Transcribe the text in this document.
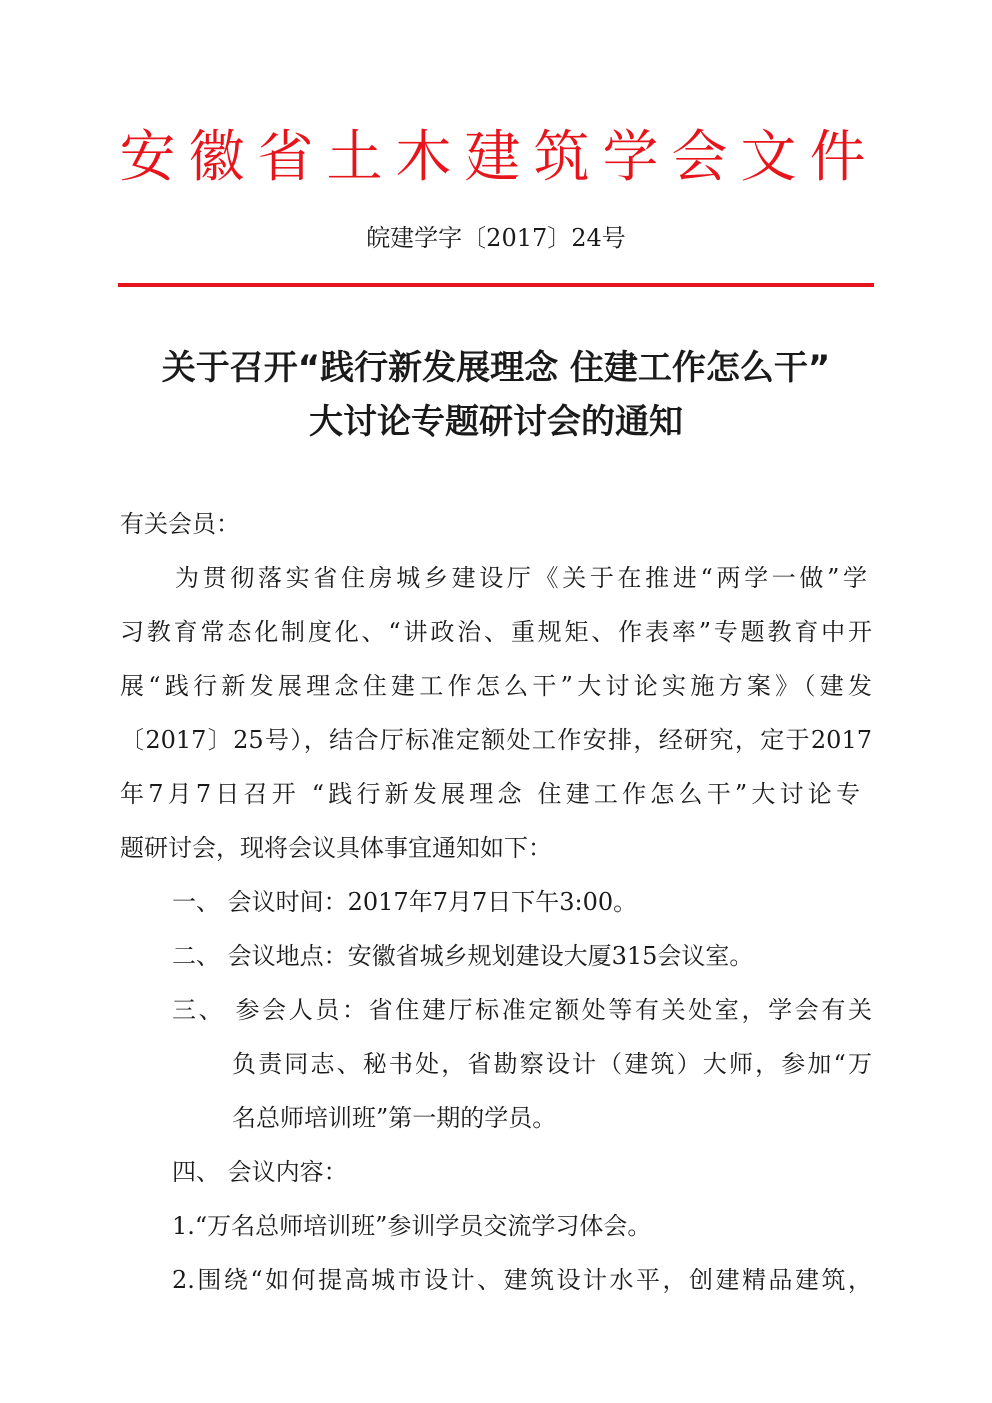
安徽省土木建筑学会文件
皖建学字〔2017〕24号
关于召开“践行新发展理念 住建工作怎么干”
大讨论专题研讨会的通知
有关会员：
为贯彻落实省住房城乡建设厅《关于在推进“两学一做”学
习教育常态化制度化、“讲政治、重规矩、作表率”专题教育中开
展“践行新发展理念住建工作怎么干”大讨论实施方案》（建发
〔2017〕25号），结合厅标准定额处工作安排，经研究，定于2017
年7月7日召开 “践行新发展理念 住建工作怎么干”大讨论专
题研讨会，现将会议具体事宜通知如下：
一、 会议时间：2017年7月7日下午3:00。
二、 会议地点：安徽省城乡规划建设大厦315会议室。
三、 参会人员：省住建厅标准定额处等有关处室，学会有关
负责同志、秘书处，省勘察设计（建筑）大师，参加“万
名总师培训班”第一期的学员。
四、 会议内容：
1.“万名总师培训班”参训学员交流学习体会。
2.围绕“如何提高城市设计、建筑设计水平，创建精品建筑，
